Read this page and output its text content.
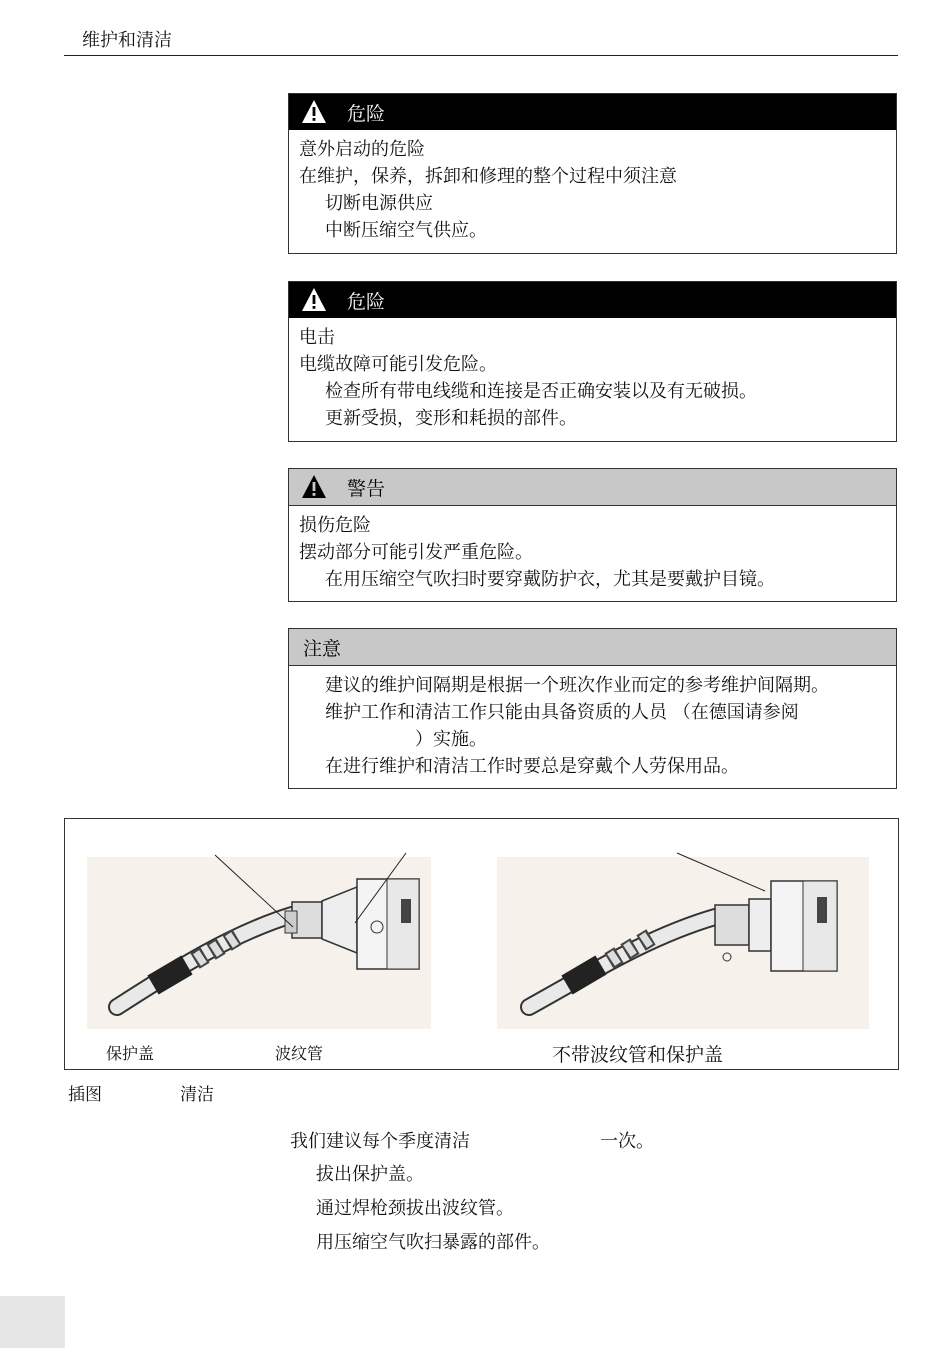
维护和清洁
危险
意外启动的危险
在维护，保养，拆卸和修理的整个过程中须注意
切断电源供应
中断压缩空气供应。
危险
电击
电缆故障可能引发危险。
检查所有带电线缆和连接是否正确安装以及有无破损。
更新受损，变形和耗损的部件。
警告
损伤危险
摆动部分可能引发严重危险。
在用压缩空气吹扫时要穿戴防护衣，尤其是要戴护目镜。
注意
建议的维护间隔期是根据一个班次作业而定的参考维护间隔期。
维护工作和清洁工作只能由具备资质的人员 （在德国请参阅
）实施。
在进行维护和清洁工作时要总是穿戴个人劳保用品。
保护盖	波纹管	不带波纹管和保护盖
插图	清洁
我们建议每个季度清洁	一次。
拔出保护盖。
通过焊枪颈拔出波纹管。
用压缩空气吹扫暴露的部件。
